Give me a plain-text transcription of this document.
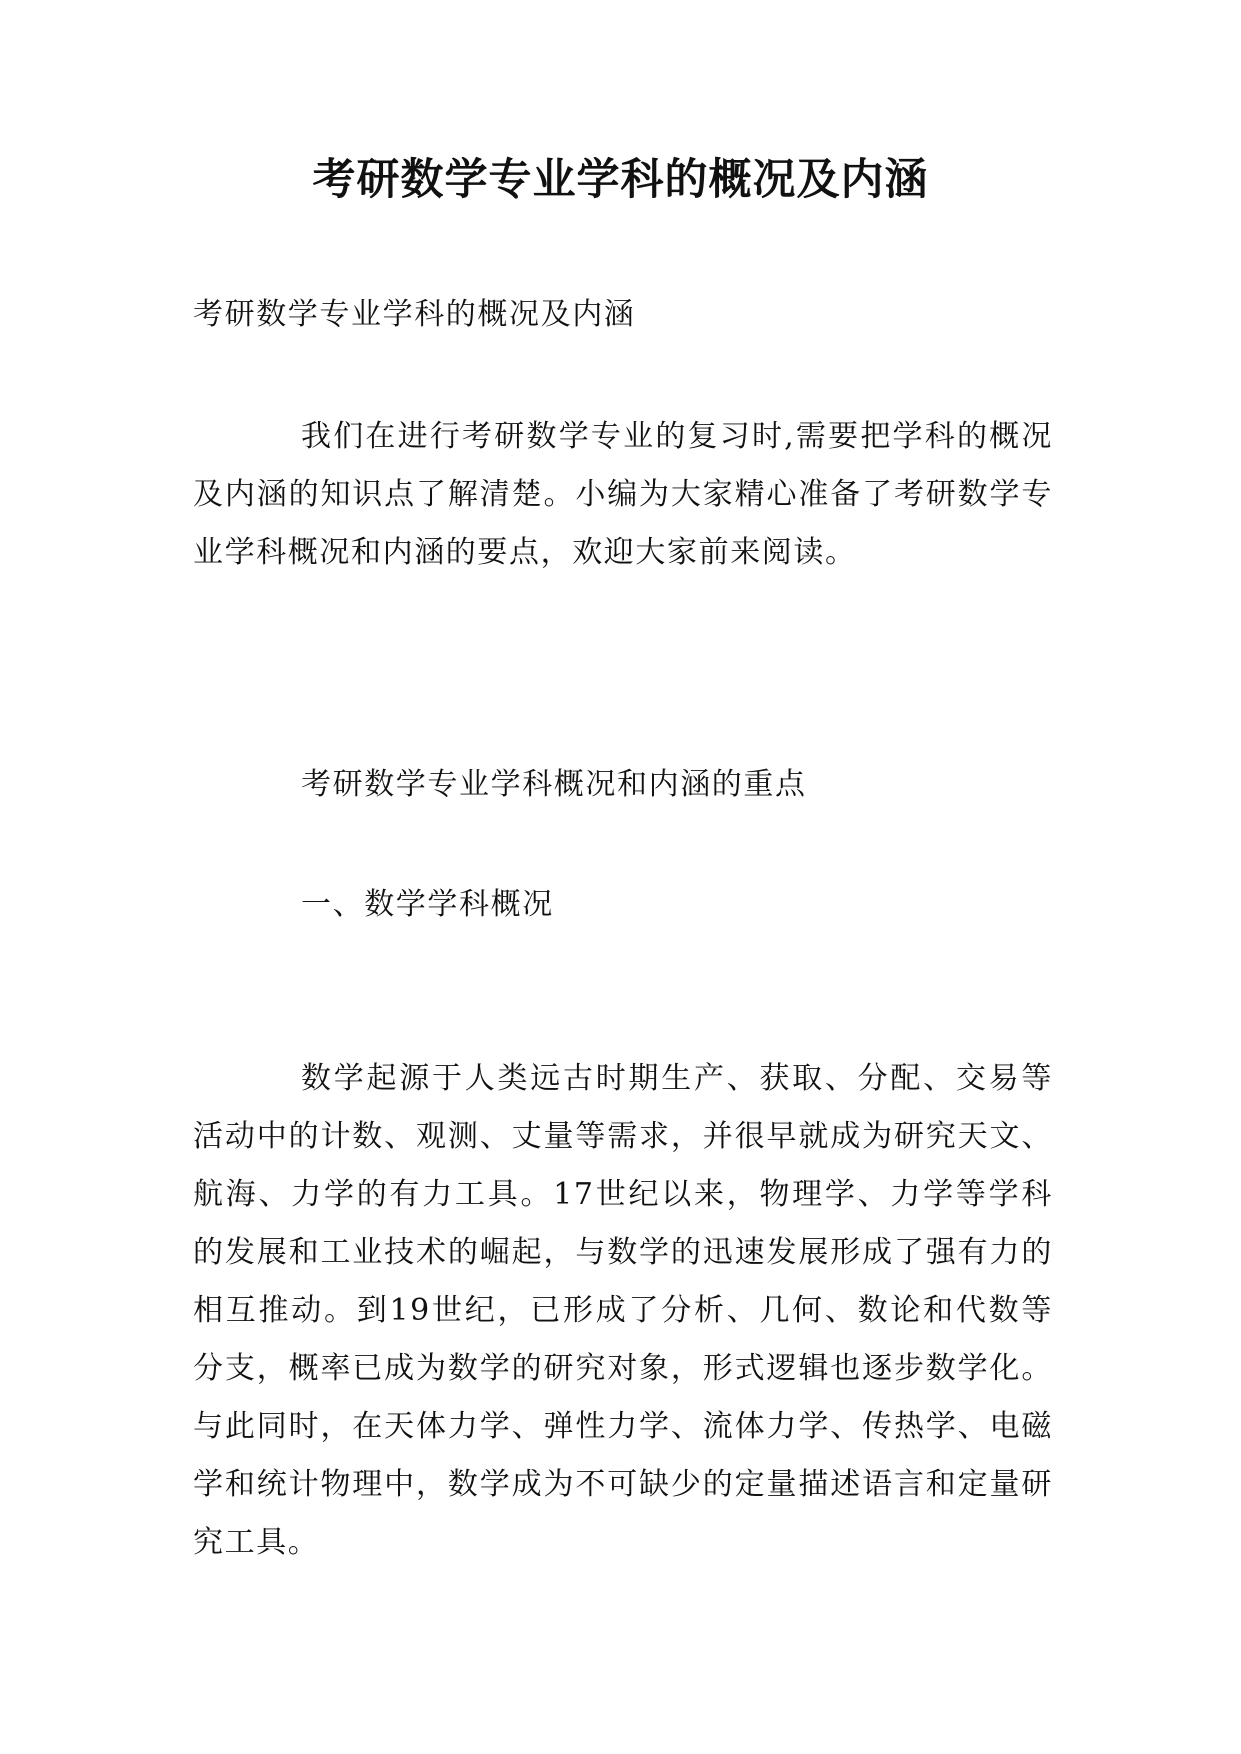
考研数学专业学科的概况及内涵

考研数学专业学科的概况及内涵

我们在进行考研数学专业的复习时,需要把学科的概况及内涵的知识点了解清楚。小编为大家精心准备了考研数学专业学科概况和内涵的要点，欢迎大家前来阅读。

考研数学专业学科概况和内涵的重点

一、数学学科概况

数学起源于人类远古时期生产、获取、分配、交易等活动中的计数、观测、丈量等需求，并很早就成为研究天文、航海、力学的有力工具。17世纪以来，物理学、力学等学科的发展和工业技术的崛起，与数学的迅速发展形成了强有力的相互推动。到19世纪，已形成了分析、几何、数论和代数等分支，概率已成为数学的研究对象，形式逻辑也逐步数学化。与此同时，在天体力学、弹性力学、流体力学、传热学、电磁学和统计物理中，数学成为不可缺少的定量描述语言和定量研究工具。
